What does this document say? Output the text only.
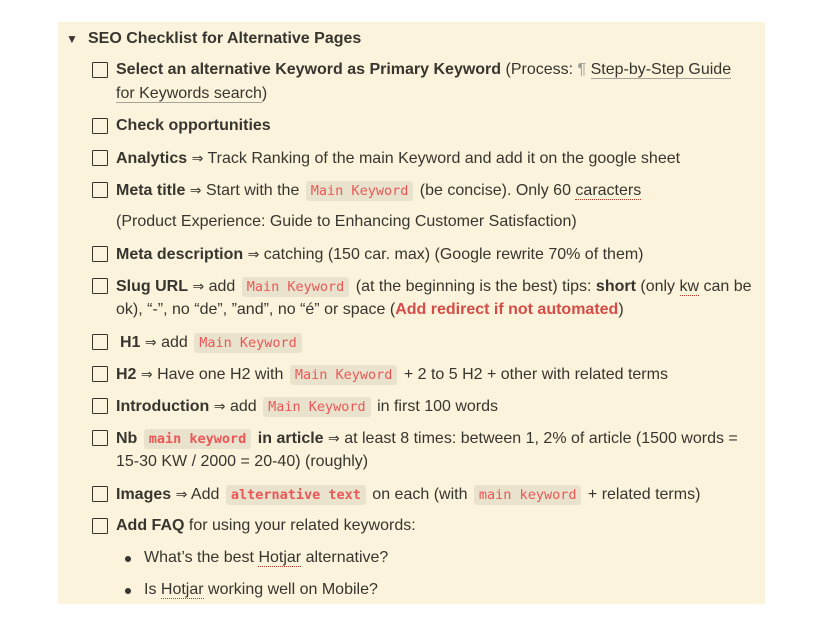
▼ SEO Checklist for Alternative Pages
Select an alternative Keyword as Primary Keyword (Process: ¶ Step-by-Step Guide
for Keywords search)
Check opportunities
Analytics ⇒ Track Ranking of the main Keyword and add it on the google sheet
Meta title ⇒ Start with the Main Keyword (be concise). Only 60 caracters
(Product Experience: Guide to Enhancing Customer Satisfaction)
Meta description ⇒ catching (150 car. max) (Google rewrite 70% of them)
Slug URL ⇒ add Main Keyword (at the beginning is the best) tips: short (only kw can be
ok), “-”, no “de”, ”and”, no “é” or space (Add redirect if not automated)
H1 ⇒ add Main Keyword
H2 ⇒ Have one H2 with Main Keyword + 2 to 5 H2 + other with related terms
Introduction ⇒ add Main Keyword in first 100 words
Nb main keyword in article ⇒ at least 8 times: between 1, 2% of article (1500 words =
15-30 KW / 2000 = 20-40) (roughly)
Images ⇒ Add alternative text on each (with main keyword + related terms)
Add FAQ for using your related keywords:
What’s the best Hotjar alternative?
Is Hotjar working well on Mobile?
